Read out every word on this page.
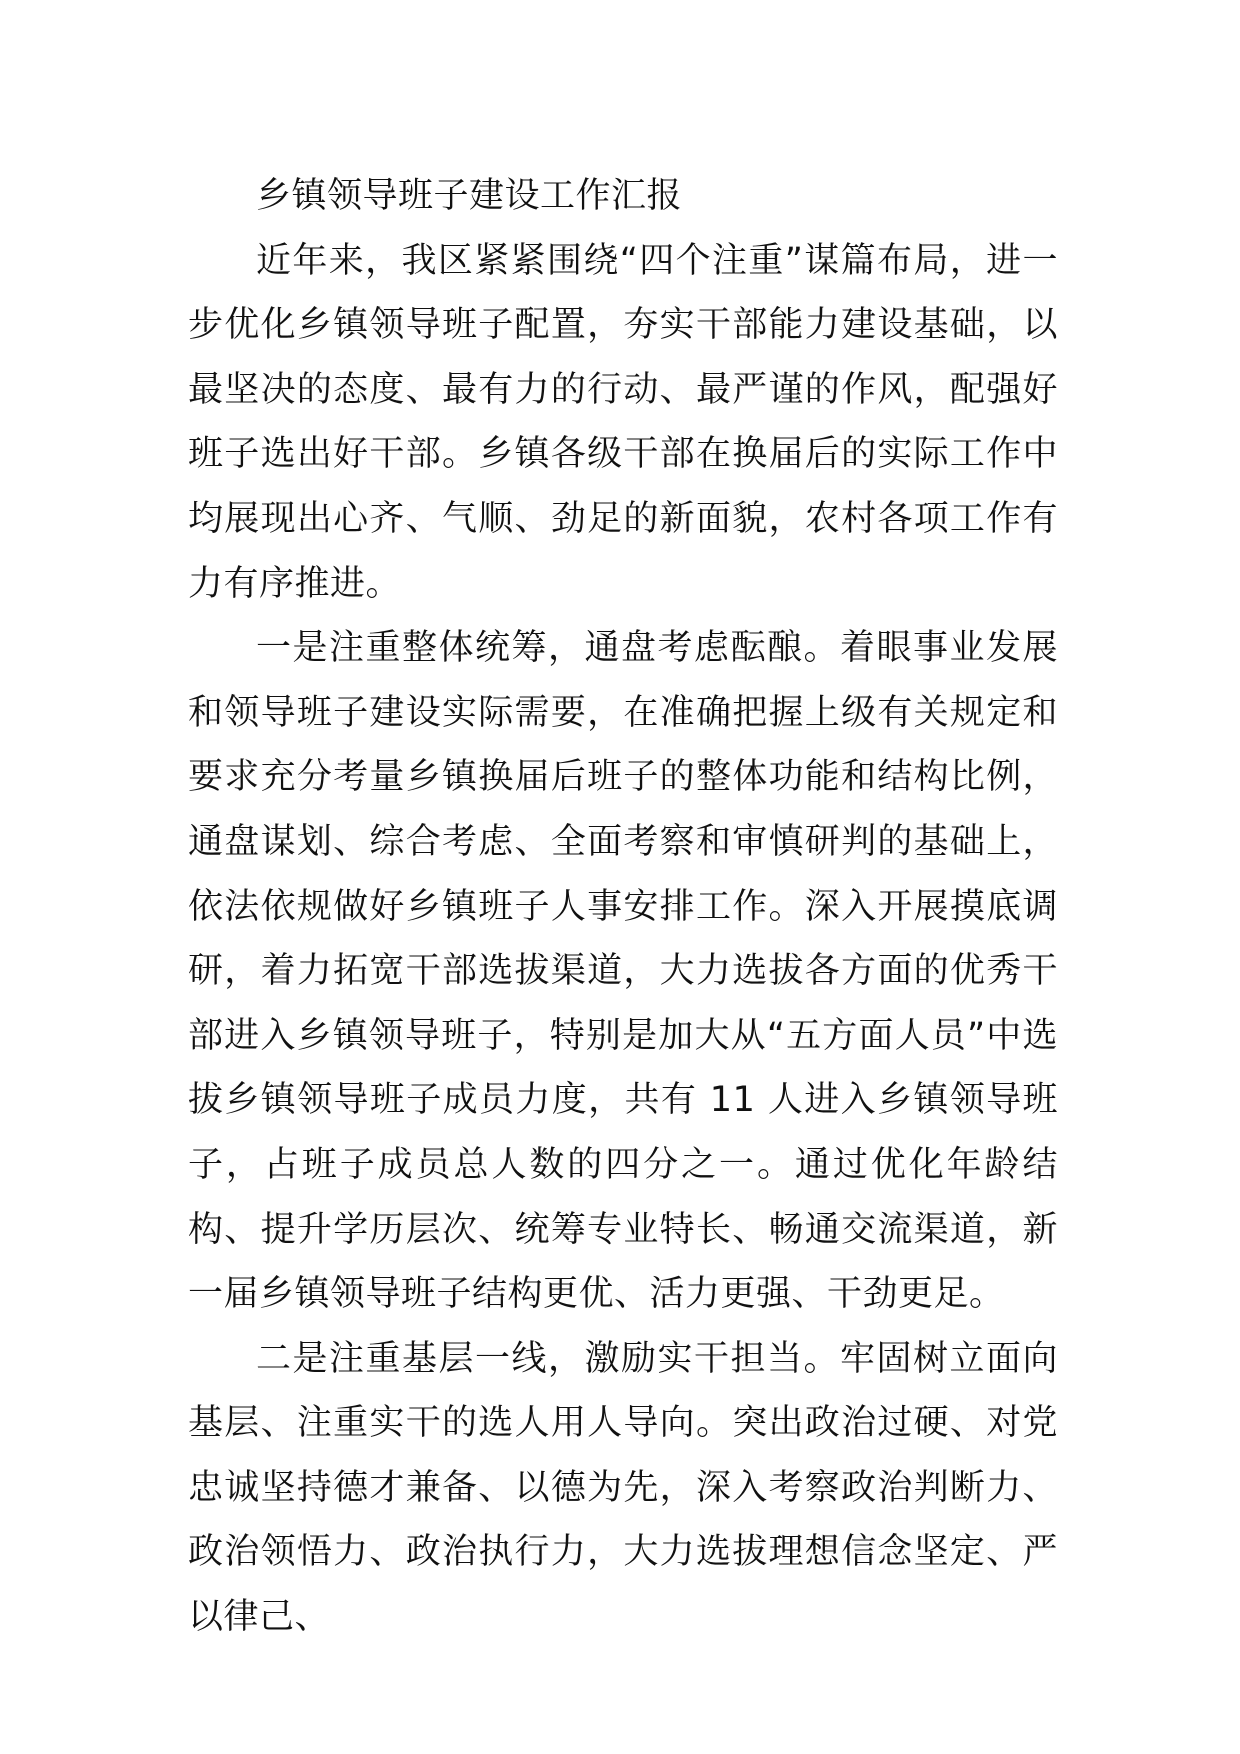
乡镇领导班子建设工作汇报

近年来，我区紧紧围绕“四个注重”谋篇布局，进一步优化乡镇领导班子配置，夯实干部能力建设基础，以最坚决的态度、最有力的行动、最严谨的作风，配强好班子选出好干部。乡镇各级干部在换届后的实际工作中均展现出心齐、气顺、劲足的新面貌，农村各项工作有力有序推进。

一是注重整体统筹，通盘考虑酝酿。着眼事业发展和领导班子建设实际需要，在准确把握上级有关规定和要求充分考量乡镇换届后班子的整体功能和结构比例，通盘谋划、综合考虑、全面考察和审慎研判的基础上，依法依规做好乡镇班子人事安排工作。深入开展摸底调研，着力拓宽干部选拔渠道，大力选拔各方面的优秀干部进入乡镇领导班子，特别是加大从“五方面人员”中选拔乡镇领导班子成员力度，共有 11 人进入乡镇领导班子，占班子成员总人数的四分之一。通过优化年龄结构、提升学历层次、统筹专业特长、畅通交流渠道，新一届乡镇领导班子结构更优、活力更强、干劲更足。

二是注重基层一线，激励实干担当。牢固树立面向基层、注重实干的选人用人导向。突出政治过硬、对党忠诚坚持德才兼备、以德为先，深入考察政治判断力、政治领悟力、政治执行力，大力选拔理想信念坚定、严以律己、
